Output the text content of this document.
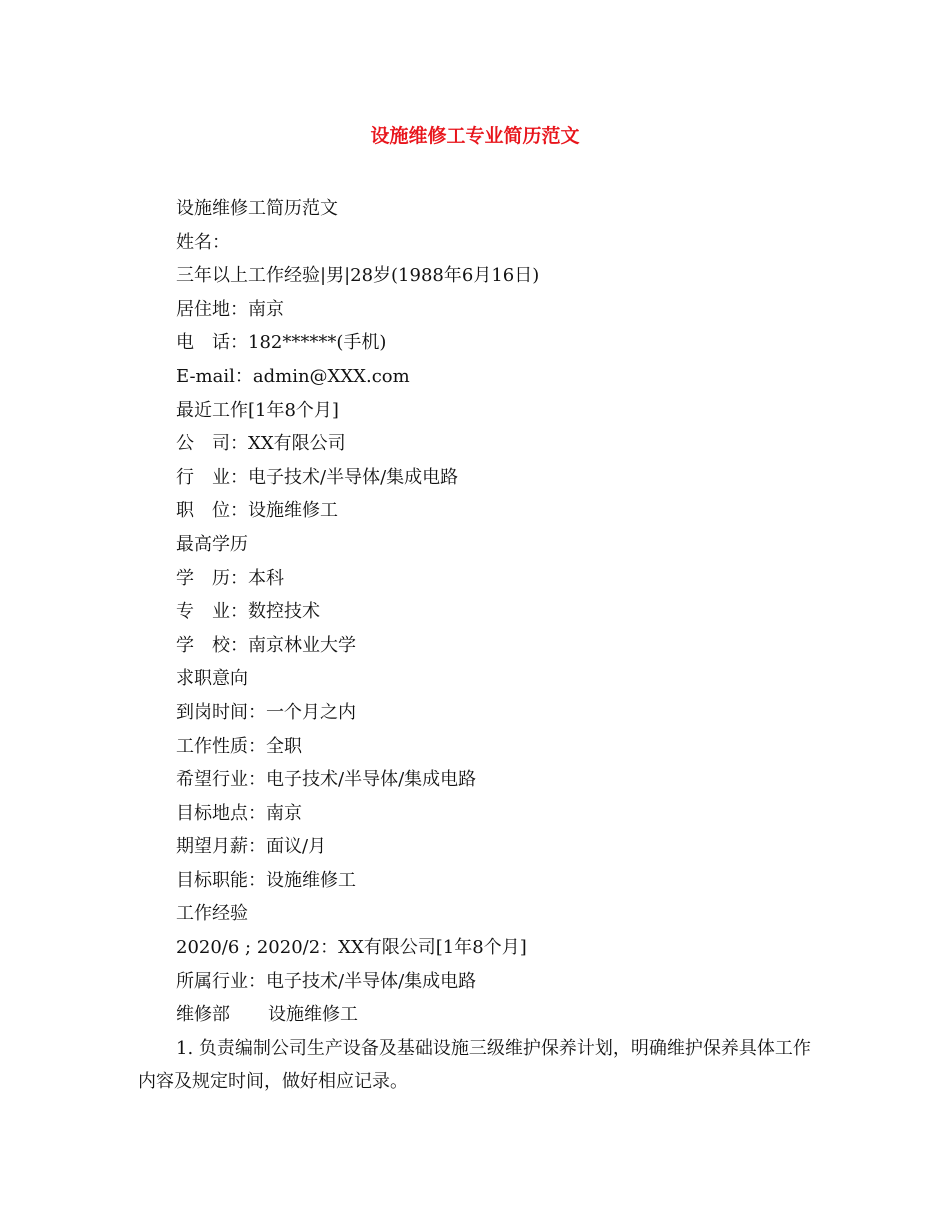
设施维修工专业简历范文
设施维修工简历范文
姓名：
三年以上工作经验|男|28岁(1988年6月16日)
居住地：南京
电　话：182******(手机)
E-mail：admin@XXX.com
最近工作[1年8个月]
公　司：XX有限公司
行　业：电子技术/半导体/集成电路
职　位：设施维修工
最高学历
学　历：本科
专　业：数控技术
学　校：南京林业大学
求职意向
到岗时间：一个月之内
工作性质：全职
希望行业：电子技术/半导体/集成电路
目标地点：南京
期望月薪：面议/月
目标职能：设施维修工
工作经验
2020/6 ; 2020/2：XX有限公司[1年8个月]
所属行业：电子技术/半导体/集成电路
维修部 设施维修工

1. 负责编制公司生产设备及基础设施三级维护保养计划，明确维护保养具体工作内容及规定时间，做好相应记录。
